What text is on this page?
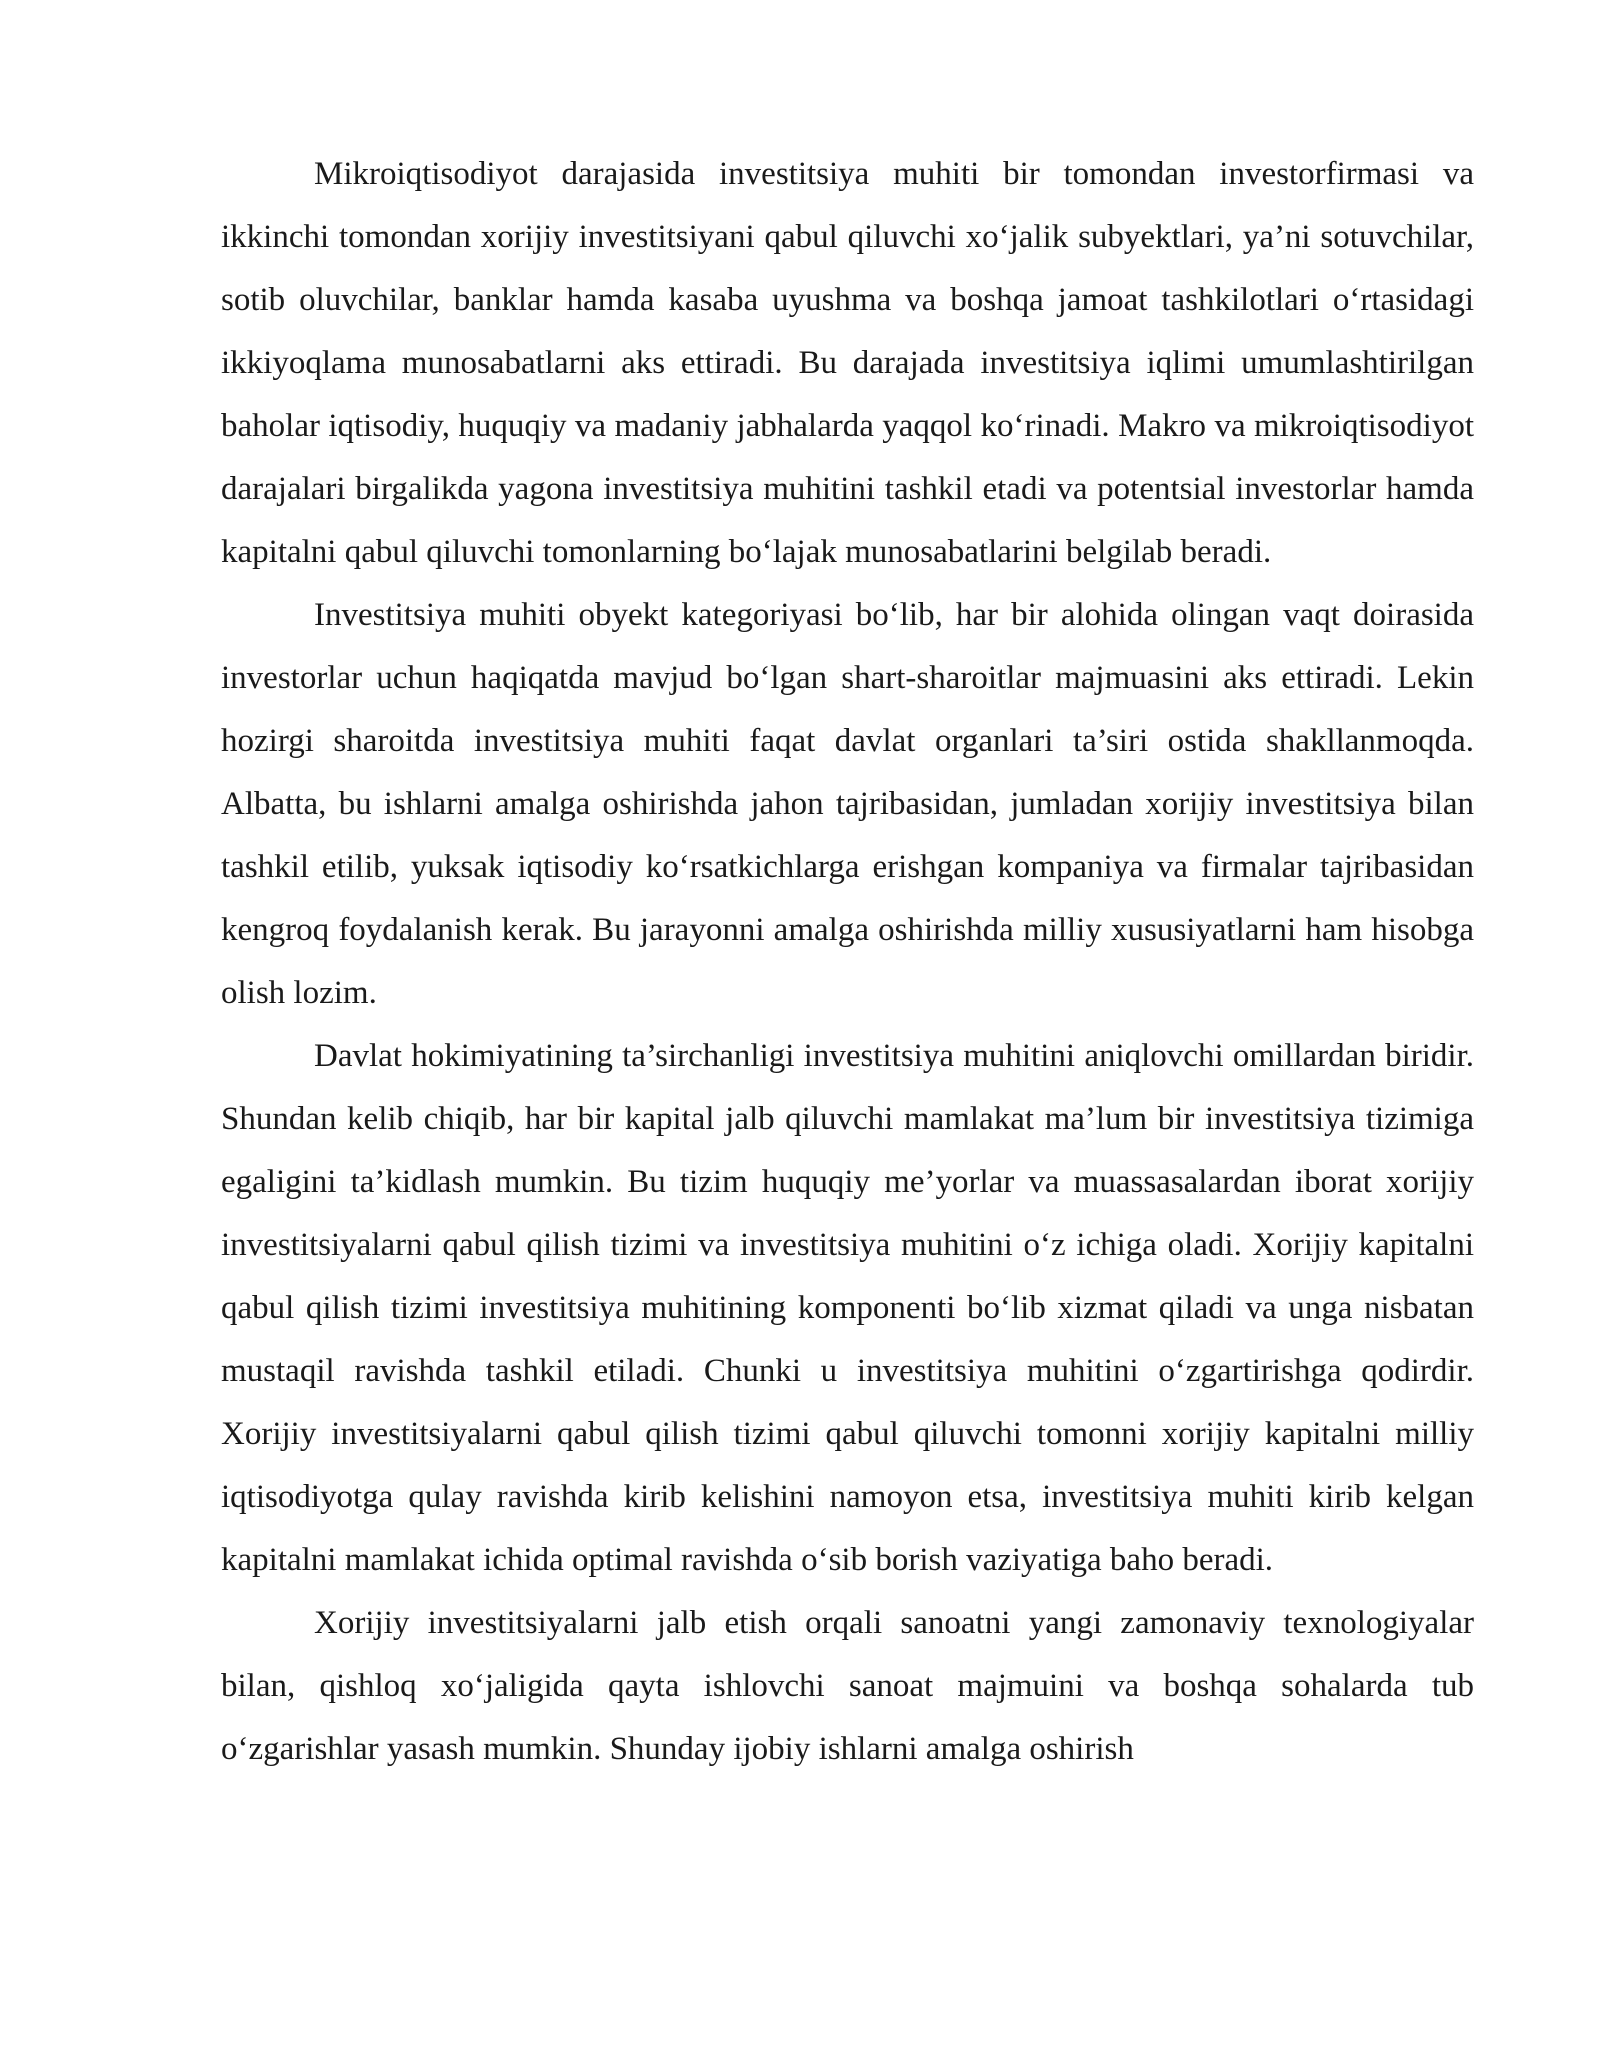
Mikroiqtisodiyot darajasida investitsiya muhiti bir tomondan investorfirmasi va ikkinchi tomondan xorijiy investitsiyani qabul qiluvchi xo‘jalik subyektlari, ya’ni sotuvchilar, sotib oluvchilar, banklar hamda kasaba uyushma va boshqa jamoat tashkilotlari o‘rtasidagi ikkiyoqlama munosabatlarni aks ettiradi. Bu darajada investitsiya iqlimi umumlashtirilgan baholar iqtisodiy, huquqiy va madaniy jabhalarda yaqqol ko‘rinadi. Makro va mikroiqtisodiyot darajalari birgalikda yagona investitsiya muhitini tashkil etadi va potentsial investorlar hamda kapitalni qabul qiluvchi tomonlarning bo‘lajak munosabatlarini belgilab beradi.

Investitsiya muhiti obyekt kategoriyasi bo‘lib, har bir alohida olingan vaqt doirasida investorlar uchun haqiqatda mavjud bo‘lgan shart-sharoitlar majmuasini aks ettiradi. Lekin hozirgi sharoitda investitsiya muhiti faqat davlat organlari ta’siri ostida shakllanmoqda. Albatta, bu ishlarni amalga oshirishda jahon tajribasidan, jumladan xorijiy investitsiya bilan tashkil etilib, yuksak iqtisodiy ko‘rsatkichlarga erishgan kompaniya va firmalar tajribasidan kengroq foydalanish kerak. Bu jarayonni amalga oshirishda milliy xususiyatlarni ham hisobga olish lozim.

Davlat hokimiyatining ta’sirchanligi investitsiya muhitini aniqlovchi omillardan biridir. Shundan kelib chiqib, har bir kapital jalb qiluvchi mamlakat ma’lum bir investitsiya tizimiga egaligini ta’kidlash mumkin. Bu tizim huquqiy me’yorlar va muassasalardan iborat xorijiy investitsiyalarni qabul qilish tizimi va investitsiya muhitini o‘z ichiga oladi. Xorijiy kapitalni qabul qilish tizimi investitsiya muhitining komponenti bo‘lib xizmat qiladi va unga nisbatan mustaqil ravishda tashkil etiladi. Chunki u investitsiya muhitini o‘zgartirishga qodirdir. Xorijiy investitsiyalarni qabul qilish tizimi qabul qiluvchi tomonni xorijiy kapitalni milliy iqtisodiyotga qulay ravishda kirib kelishini namoyon etsa, investitsiya muhiti kirib kelgan kapitalni mamlakat ichida optimal ravishda o‘sib borish vaziyatiga baho beradi.

Xorijiy investitsiyalarni jalb etish orqali sanoatni yangi zamonaviy texnologiyalar bilan, qishloq xo‘jaligida qayta ishlovchi sanoat majmuini va boshqa sohalarda tub o‘zgarishlar yasash mumkin. Shunday ijobiy ishlarni amalga oshirish
